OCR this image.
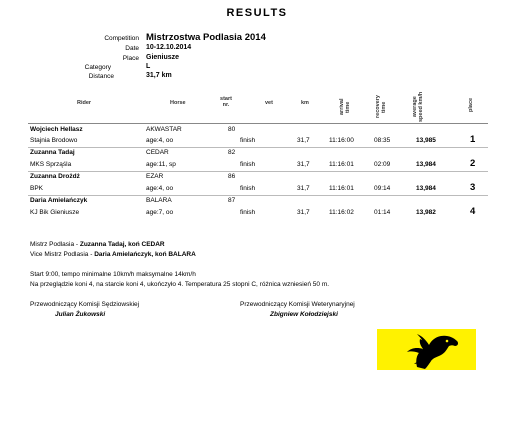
RESULTS
Competition Mistrzostwa Podlasia 2014
Date 10-12.10.2014
Place Gieniusze
Category	L
Distance	31,7 km
Rider	Horse
start
nr.	vet	km	arrival time	recovery time	average speed km/h	place
Wojciech Hellasz	AKWASTAR	80
Stajnia Brodowo	age:4, oo	finish	31,7	11:16:00	08:35	13,985	1
Zuzanna Tadaj	CEDAR	82
MKS Sprząśla	age:11, sp	finish	31,7	11:16:01	02:09	13,984	2
Zuzanna Drożdż	EZAR	86
BPK	age:4, oo	finish	31,7	11:16:01	09:14	13,984	3
Daria Amielańczyk	BALARA	87
KJ Bik Gieniusze	age:7, oo	finish	31,7	11:16:02	01:14	13,982	4
Mistrz Podlasia - Zuzanna Tadaj, koń CEDAR
Vice Mistrz Podlasia - Daria Amielańczyk, koń BALARA
Start 9:00, tempo minimalne 10km/h maksymalne 14km/h
Na przeglądzie koni 4, na starcie koni 4, ukończyło 4. Temperatura 25 stopni C, różnica wzniesień 50 m.
Przewodniczący Komisji Sędziowskiej
Julian Żukowski
Przewodniczący Komisji Weterynaryjnej
Zbigniew Kołodziejski
